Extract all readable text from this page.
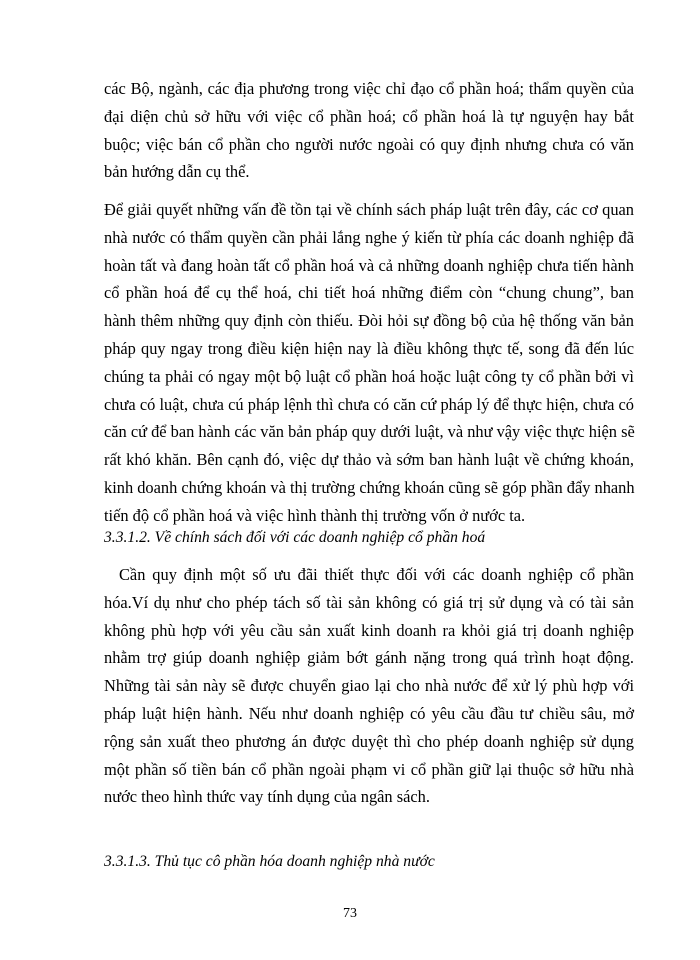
các Bộ, ngành, các địa phương trong việc chỉ đạo cổ phần hoá; thẩm quyền của
đại diện chủ sở hữu với việc cổ phần hoá; cổ phần hoá là tự nguyện hay bắt
buộc; việc bán cổ phần cho người nước ngoài có quy định nhưng chưa có văn
bản hướng dẫn cụ thể.
Để giải quyết những vấn đề tồn tại về chính sách pháp luật trên đây, các cơ quan
nhà nước có thẩm quyền cần phải lắng nghe ý kiến từ phía các doanh nghiệp đã
hoàn tất và đang hoàn tất cổ phần hoá và cả những doanh nghiệp chưa tiến hành
cổ phần hoá để cụ thể hoá, chi tiết hoá những điểm còn “chung chung”, ban
hành thêm những quy định còn thiếu. Đòi hỏi sự đồng bộ của hệ thống văn bản
pháp quy ngay trong điều kiện hiện nay là điều không thực tế, song đã đến lúc
chúng ta phải có ngay một bộ luật cổ phần hoá hoặc luật công ty cổ phần bởi vì
chưa có luật, chưa cú pháp lệnh thì chưa có căn cứ pháp lý để thực hiện, chưa có
căn cứ để ban hành các văn bản pháp quy dưới luật, và như vậy việc thực hiện sẽ
rất khó khăn. Bên cạnh đó, việc dự thảo và sớm ban hành luật về chứng khoán,
kinh doanh chứng khoán và thị trường chứng khoán cũng sẽ góp phần đẩy nhanh
tiến độ cổ phần hoá và việc hình thành thị trường vốn ở nước ta.
3.3.1.2. Về chính sách đối với các doanh nghiệp cổ phần hoá
Cần quy định một số ưu đãi thiết thực đối với các doanh nghiệp cổ phần
hóa.Ví dụ như cho phép tách số tài sản không có giá trị sử dụng và có tài sản
không phù hợp với yêu cầu sản xuất kinh doanh ra khỏi giá trị doanh nghiệp
nhằm trợ giúp doanh nghiệp giảm bớt gánh nặng trong quá trình hoạt động.
Những tài sản này sẽ được chuyển giao lại cho nhà nước để xử lý phù hợp với
pháp luật hiện hành. Nếu như doanh nghiệp có yêu cầu đầu tư chiều sâu, mở
rộng sản xuất theo phương án được duyệt thì cho phép doanh nghiệp sử dụng
một phần số tiền bán cổ phần ngoài phạm vi cổ phần giữ lại thuộc sở hữu nhà
nước theo hình thức vay tính dụng của ngân sách.
3.3.1.3. Thủ tục cô phần hóa doanh nghiệp nhà nước
73
